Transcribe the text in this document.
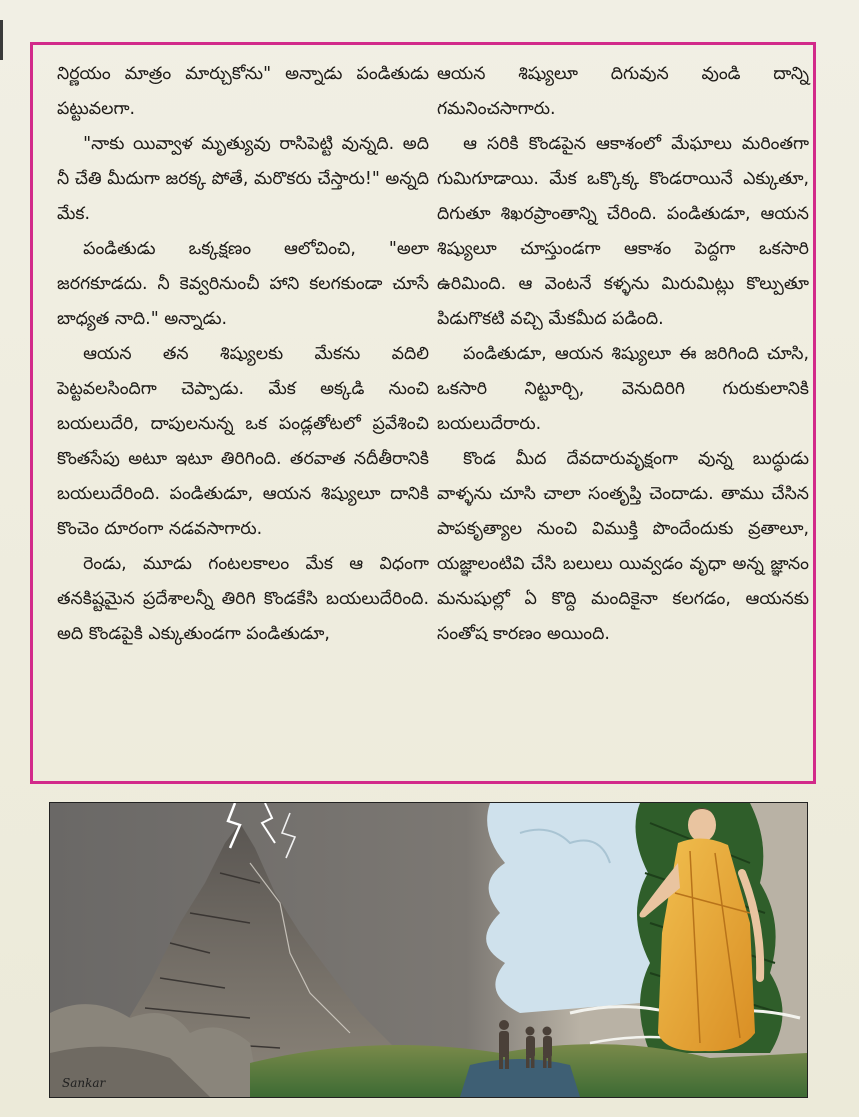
నిర్ణయం మాత్రం మార్చుకోను" అన్నాడు పండితుడు పట్టువలగా.

"నాకు యివ్వాళ మృత్యువు రాసిపెట్టి వున్నది. అది నీ చేతి మీదుగా జరక్క పోతే, మరొకరు చేస్తారు!" అన్నది మేక.

పండితుడు ఒక్కక్షణం ఆలోచించి, "అలా జరగకూడదు. నీ కెవ్వరినుంచీ హాని కలగకుండా చూసే బాధ్యత నాది." అన్నాడు.

ఆయన తన శిష్యులకు మేకను వదిలి పెట్టవలసిందిగా చెప్పాడు. మేక అక్కడి నుంచి బయలుదేరి, దాపులనున్న ఒక పండ్లతోటలో ప్రవేశించి కొంతసేపు అటూ ఇటూ తిరిగింది. తరవాత నదీతీరానికి బయలుదేరింది. పండితుడూ, ఆయన శిష్యులూ దానికి కొంచెం దూరంగా నడవసాగారు.

రెండు, మూడు గంటలకాలం మేక ఆ విధంగా తనకిష్టమైన ప్రదేశాలన్నీ తిరిగి కొండకేసి బయలుదేరింది. అది కొండపైకి ఎక్కుతుండగా పండితుడూ,

ఆయన శిష్యులూ దిగువున వుండి దాన్ని గమనించసాగారు.

ఆ సరికి కొండపైన ఆకాశంలో మేఘాలు మరింతగా గుమిగూడాయి. మేక ఒక్కొక్క కొండరాయినే ఎక్కుతూ, దిగుతూ శిఖరప్రాంతాన్ని చేరింది. పండితుడూ, ఆయన శిష్యులూ చూస్తుండగా ఆకాశం పెద్దగా ఒకసారి ఉరిమింది. ఆ వెంటనే కళ్ళను మిరుమిట్లు కొల్పుతూ పిడుగొకటి వచ్చి మేకమీద పడింది.

పండితుడూ, ఆయన శిష్యులూ ఈ జరిగింది చూసి, ఒకసారి నిట్టూర్చి, వెనుదిరిగి గురుకులానికి బయలుదేరారు.

కొండ మీద దేవదారువృక్షంగా వున్న బుద్ధుడు వాళ్ళను చూసి చాలా సంతృప్తి చెందాడు. తాము చేసిన పాపకృత్యాల నుంచి విముక్తి పొందేందుకు వ్రతాలూ, యజ్ఞాలంటివి చేసి బలులు యివ్వడం వృధా అన్న జ్ఞానం మనుషుల్లో ఏ కొద్ది మందికైనా కలగడం, ఆయనకు సంతోష కారణం అయింది.

Sankar
